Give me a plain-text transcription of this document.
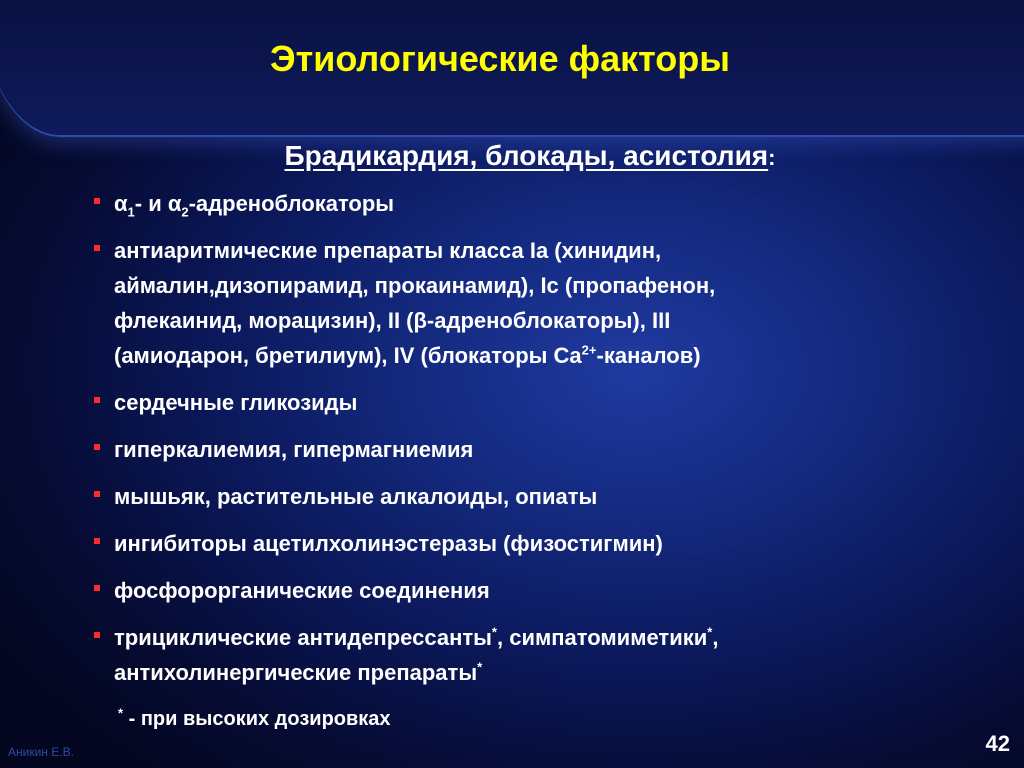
Этиологические факторы
Брадикардия, блокады, асистолия:
$\alpha_1-$ и $\alpha_2$-адреноблокаторы
антиаритмические препараты класса Ia (хинидин,
аймалин,дизопирамид, прокаинамид), Ic (пропафенон,
флекаинид, морацизин), II (β-адреноблокаторы), III
(амиодарон, бретилиум), IV (блокаторы $Ca^{2+}-каналов$)
сердечные гликозиды
гиперкалиемия, гипермагниемия
мышьяк, растительные алкалоиды, опиаты
ингибиторы ацетилхолинэстеразы (физостигмин)
фосфорорганические соединения
трициклические антидепрессанты*, симпатомиметики*,
антихолинергические препараты*
* - при высоких дозировках
Аникин Е.В.	42
